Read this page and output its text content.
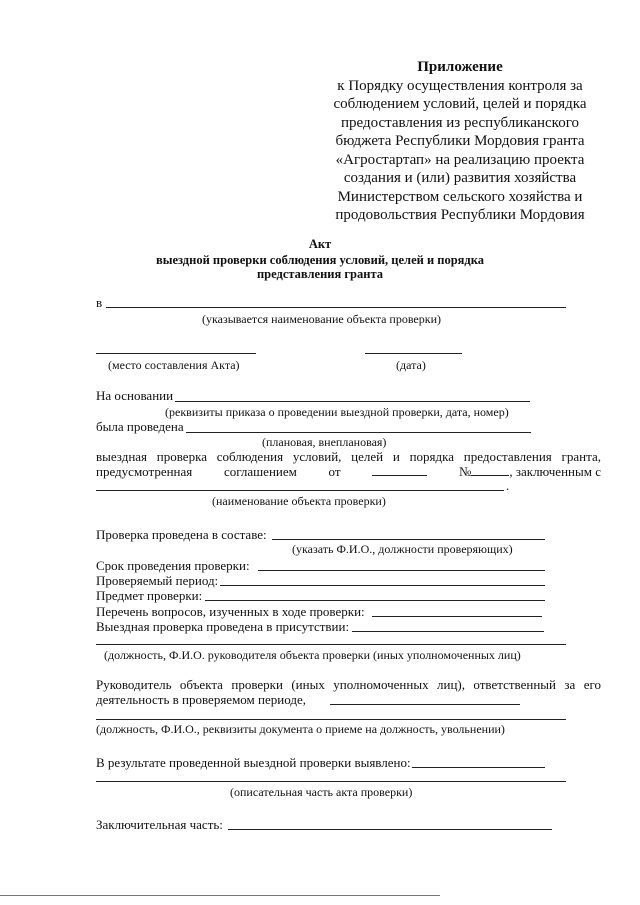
Приложение
к Порядку осуществления контроля за
соблюдением условий, целей и порядка
предоставления из республиканского
бюджета Республики Мордовия гранта
«Агростартап» на реализацию проекта
создания и (или) развития хозяйства
Министерством сельского хозяйства и
продовольствия Республики Мордовия
Акт
выездной проверки соблюдения условий, целей и порядка
представления гранта
в
(указывается наименование объекта проверки)
(место составления Акта)	(дата)
На основании
(реквизиты приказа о проведении выездной проверки, дата, номер)
была проведена
(плановая, внеплановая)
выездная проверка соблюдения условий, целей и порядка предоставления гранта,
предусмотренная соглашением от	№	, заключенным с
.
(наименование объекта проверки)
Проверка проведена в составе:
(указать Ф.И.О., должности проверяющих)
Срок проведения проверки:
Проверяемый период:
Предмет проверки:
Перечень вопросов, изученных в ходе проверки:
Выездная проверка проведена в присутствии:
(должность, Ф.И.О. руководителя объекта проверки (иных уполномоченных лиц)
Руководитель объекта проверки (иных уполномоченных лиц), ответственный за его
деятельность в проверяемом периоде,
(должность, Ф.И.О., реквизиты документа о приеме на должность, увольнении)
В результате проведенной выездной проверки выявлено:
(описательная часть акта проверки)
Заключительная часть:
